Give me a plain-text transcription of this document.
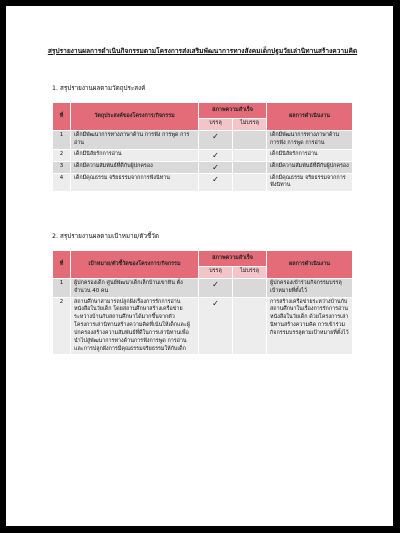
สรุปรายงานผลการดำเนินกิจกรรมตามโครงการส่งเสริมพัฒนาการทางสังคมเด็กปฐมวัยเล่านิทานสร้างความคิด
1. สรุปรายงานผลตามวัตถุประสงค์
ที่	วัตถุประสงค์ของโครงการ/กิจกรรม	สภาพความสำเร็จ		ผลการดำเนินงาน
		บรรลุ	ไม่บรรลุ	
1	เด็กมีพัฒนาการทางภาษาด้าน การฟัง การพูด การอ่าน	✓		เด็กมีพัฒนาการทางภาษาด้าน การฟัง การพูด การอ่าน
2	เด็กมีนิสัยรักการอ่าน	✓		เด็กมีนิสัยรักการอ่าน
3	เด็กมีความสัมพันธ์ที่ดีกับผู้ปกครอง	✓		เด็กมีความสัมพันธ์ที่ดีกับผู้ปกครอง
4	เด็กมีคุณธรรม จริยธรรมจากการฟังนิทาน	✓		เด็กมีคุณธรรม จริยธรรมจากการฟังนิทาน
2. สรุปรายงานผลตามเป้าหมาย/ตัวชี้วัด
ที่	เป้าหมาย/ตัวชี้วัดของโครงการ/กิจกรรม	สภาพความสำเร็จ		ผลการดำเนินงาน
		บรรลุ	ไม่บรรลุ	
1	ผู้ปกครองเด็ก ศูนย์พัฒนาเด็กเล็กบ้านเขาหิน ตั้ง จำนวน 40 คน	✓		ผู้ปกครองเข้าร่วมกิจกรรมบรรลุเป้าหมายที่ตั้งไว้
2	สถานศึกษาสามารถปลูกฝังเรื่องการรักการอ่านหนังสือในวัยเด็ก โดยสถานศึกษาสร้างเครือข่ายระหว่างบ้านกับสถานศึกษาได้มากขึ้นจากตัวโครงการเล่านิทานสร้างความคิดที่เน้นให้เด็กและผู้ปกครองสร้างความสัมพันธ์ที่ดีในการเล่านิทานเพื่อนำไปสู่พัฒนาการทางด้านการฟังการพูด การอ่าน และการปลูกฝังการมีคุณธรรมจริยธรรมให้กับเด็ก	✓		การสร้างเครือข่ายระหว่างบ้านกับสถานศึกษาในเรื่องการรักการอ่านหนังสือในวัยเด็ก ด้วยโครงการเล่านิทานสร้างความคิด การเข้าร่วมกิจกรรมบรรลุตามเป้าหมายที่ตั้งไว้
